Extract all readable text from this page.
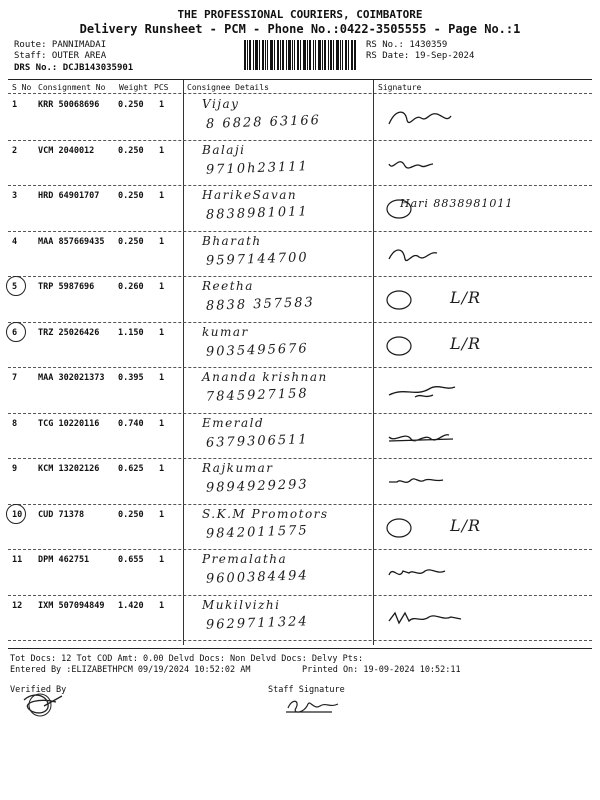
THE PROFESSIONAL COURIERS, COIMBATORE
Delivery Runsheet - PCM - Phone No.:0422-3505555 - Page No.:1
Route: PANNIMADAI
Staff: OUTER AREA
DRS No.: DCJB143035901
RS No.: 1430359
RS Date: 19-Sep-2024
S No Consignment No Weight PCS Consignee Details	Signature
1 KRR 50068696 0.250 1	Vijay
8 6828 63166
2 VCM 2040012	0.250 1	Balaji
9710h23111
3 HRD 64901707 0.250 1	HarikeSavan
8838981011
Hari 8838981011
4 MAA 857669435 0.250 1	Bharath
9597144700
5 TRP 5987696	0.260 1	Reetha
8838 357583	L/R
6 TRZ 25026426 1.150 1	kumar
9035495676	L/R
7 MAA 302021373 0.395 1	Ananda krishnan
7845927158
8 TCG 10220116 0.740 1	Emerald
6379306511
9 KCM 13202126 0.625 1	Rajkumar
9894929293
10 CUD 71378	0.250 1	S.K.M Promotors
9842011575	L/R
11 DPM 462751	0.655 1	Premalatha
9600384494
12 IXM 507094849 1.420 1	Mukilvizhi
9629711324
Tot Docs: 12 Tot COD Amt: 0.00 Delvd Docs: Non Delvd Docs: Delvy Pts:
Entered By :ELIZABETHPCM 09/19/2024 10:52:02 AM	Printed On: 19-09-2024 10:52:11
Verified By	Staff Signature
